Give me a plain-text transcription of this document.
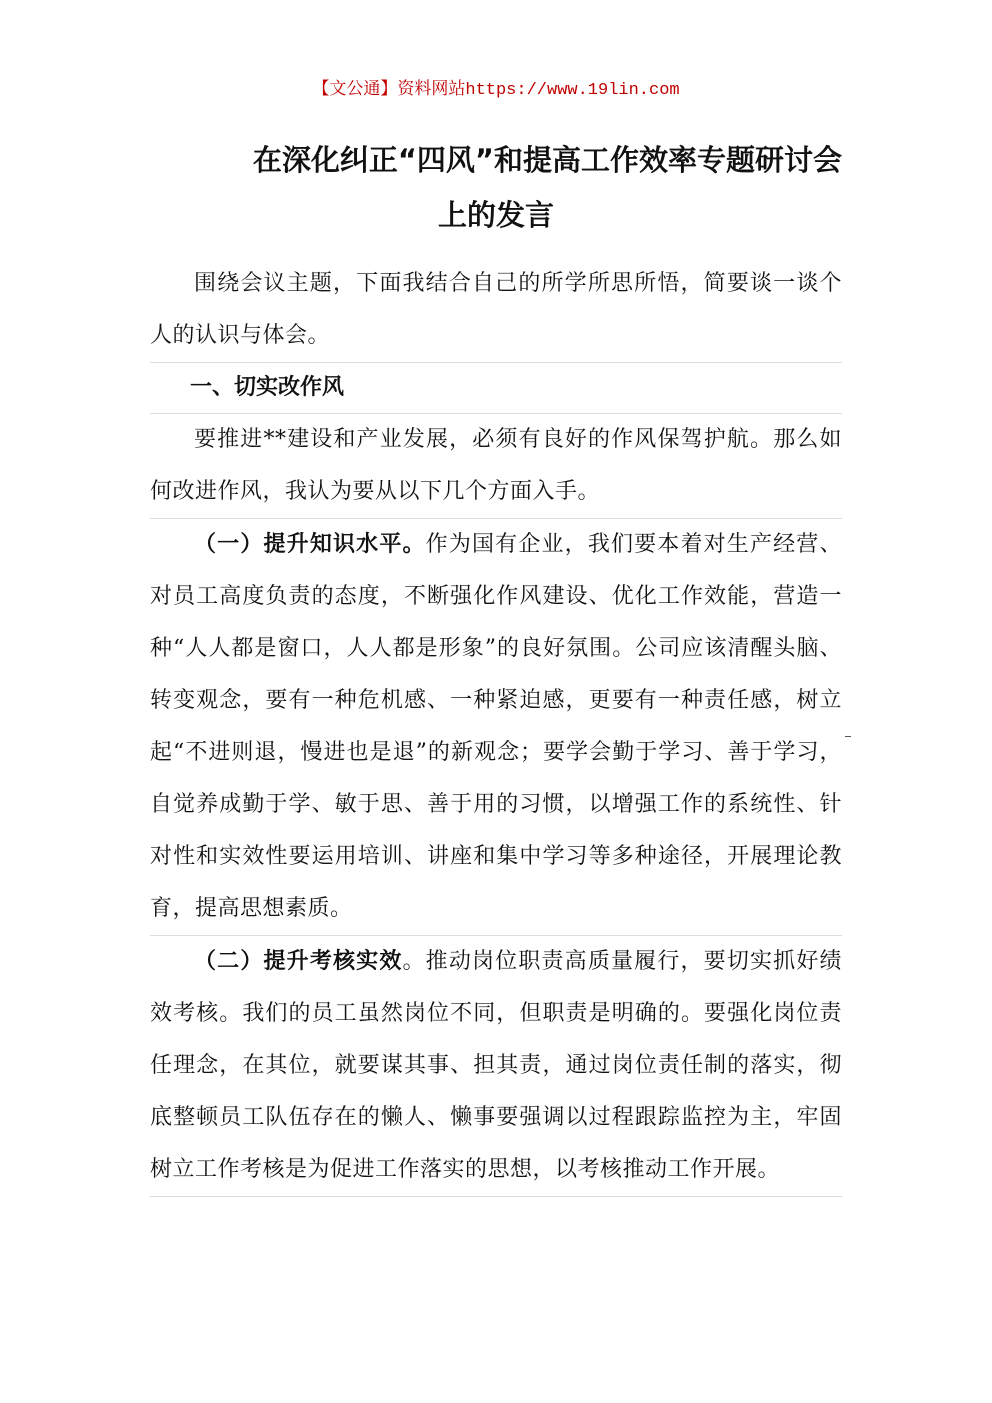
【文公通】资料网站https://www.19lin.com
在深化纠正“四风”和提高工作效率专题研讨会
上的发言

围绕会议主题，下面我结合自己的所学所思所悟，简要谈一谈个人的认识与体会。

一、切实改作风

要推进**建设和产业发展，必须有良好的作风保驾护航。那么如何改进作风，我认为要从以下几个方面入手。

（一）提升知识水平。作为国有企业，我们要本着对生产经营、对员工高度负责的态度，不断强化作风建设、优化工作效能，营造一种“人人都是窗口，人人都是形象”的良好氛围。公司应该清醒头脑、转变观念，要有一种危机感、一种紧迫感，更要有一种责任感，树立起“不进则退，慢进也是退”的新观念；要学会勤于学习、善于学习，自觉养成勤于学、敏于思、善于用的习惯，以增强工作的系统性、针对性和实效性要运用培训、讲座和集中学习等多种途径，开展理论教育，提高思想素质。

（二）提升考核实效。推动岗位职责高质量履行，要切实抓好绩效考核。我们的员工虽然岗位不同，但职责是明确的。要强化岗位责任理念，在其位，就要谋其事、担其责，通过岗位责任制的落实，彻底整顿员工队伍存在的懒人、懒事要强调以过程跟踪监控为主，牢固树立工作考核是为促进工作落实的思想，以考核推动工作开展。
